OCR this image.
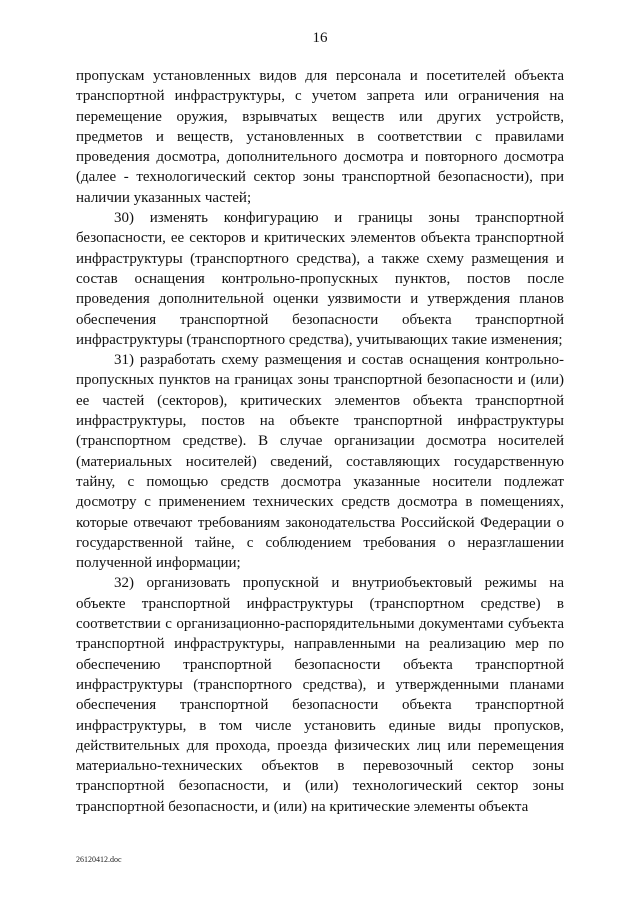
16

пропускам установленных видов для персонала и посетителей объекта транспортной инфраструктуры, с учетом запрета или ограничения на перемещение оружия, взрывчатых веществ или других устройств, предметов и веществ, установленных в соответствии с правилами проведения досмотра, дополнительного досмотра и повторного досмотра (далее - технологический сектор зоны транспортной безопасности), при наличии указанных частей;

30) изменять конфигурацию и границы зоны транспортной безопасности, ее секторов и критических элементов объекта транспортной инфраструктуры (транспортного средства), а также схему размещения и состав оснащения контрольно-пропускных пунктов, постов после проведения дополнительной оценки уязвимости и утверждения планов обеспечения транспортной безопасности объекта транспортной инфраструктуры (транспортного средства), учитывающих такие изменения;

31) разработать схему размещения и состав оснащения контрольно-пропускных пунктов на границах зоны транспортной безопасности и (или) ее частей (секторов), критических элементов объекта транспортной инфраструктуры, постов на объекте транспортной инфраструктуры (транспортном средстве). В случае организации досмотра носителей (материальных носителей) сведений, составляющих государственную тайну, с помощью средств досмотра указанные носители подлежат досмотру с применением технических средств досмотра в помещениях, которые отвечают требованиям законодательства Российской Федерации о государственной тайне, с соблюдением требования о неразглашении полученной информации;

32) организовать пропускной и внутриобъектовый режимы на объекте транспортной инфраструктуры (транспортном средстве) в соответствии с организационно-распорядительными документами субъекта транспортной инфраструктуры, направленными на реализацию мер по обеспечению транспортной безопасности объекта транспортной инфраструктуры (транспортного средства), и утвержденными планами обеспечения транспортной безопасности объекта транспортной инфраструктуры, в том числе установить единые виды пропусков, действительных для прохода, проезда физических лиц или перемещения материально-технических объектов в перевозочный сектор зоны транспортной безопасности, и (или) технологический сектор зоны транспортной безопасности, и (или) на критические элементы объекта

26120412.doc
